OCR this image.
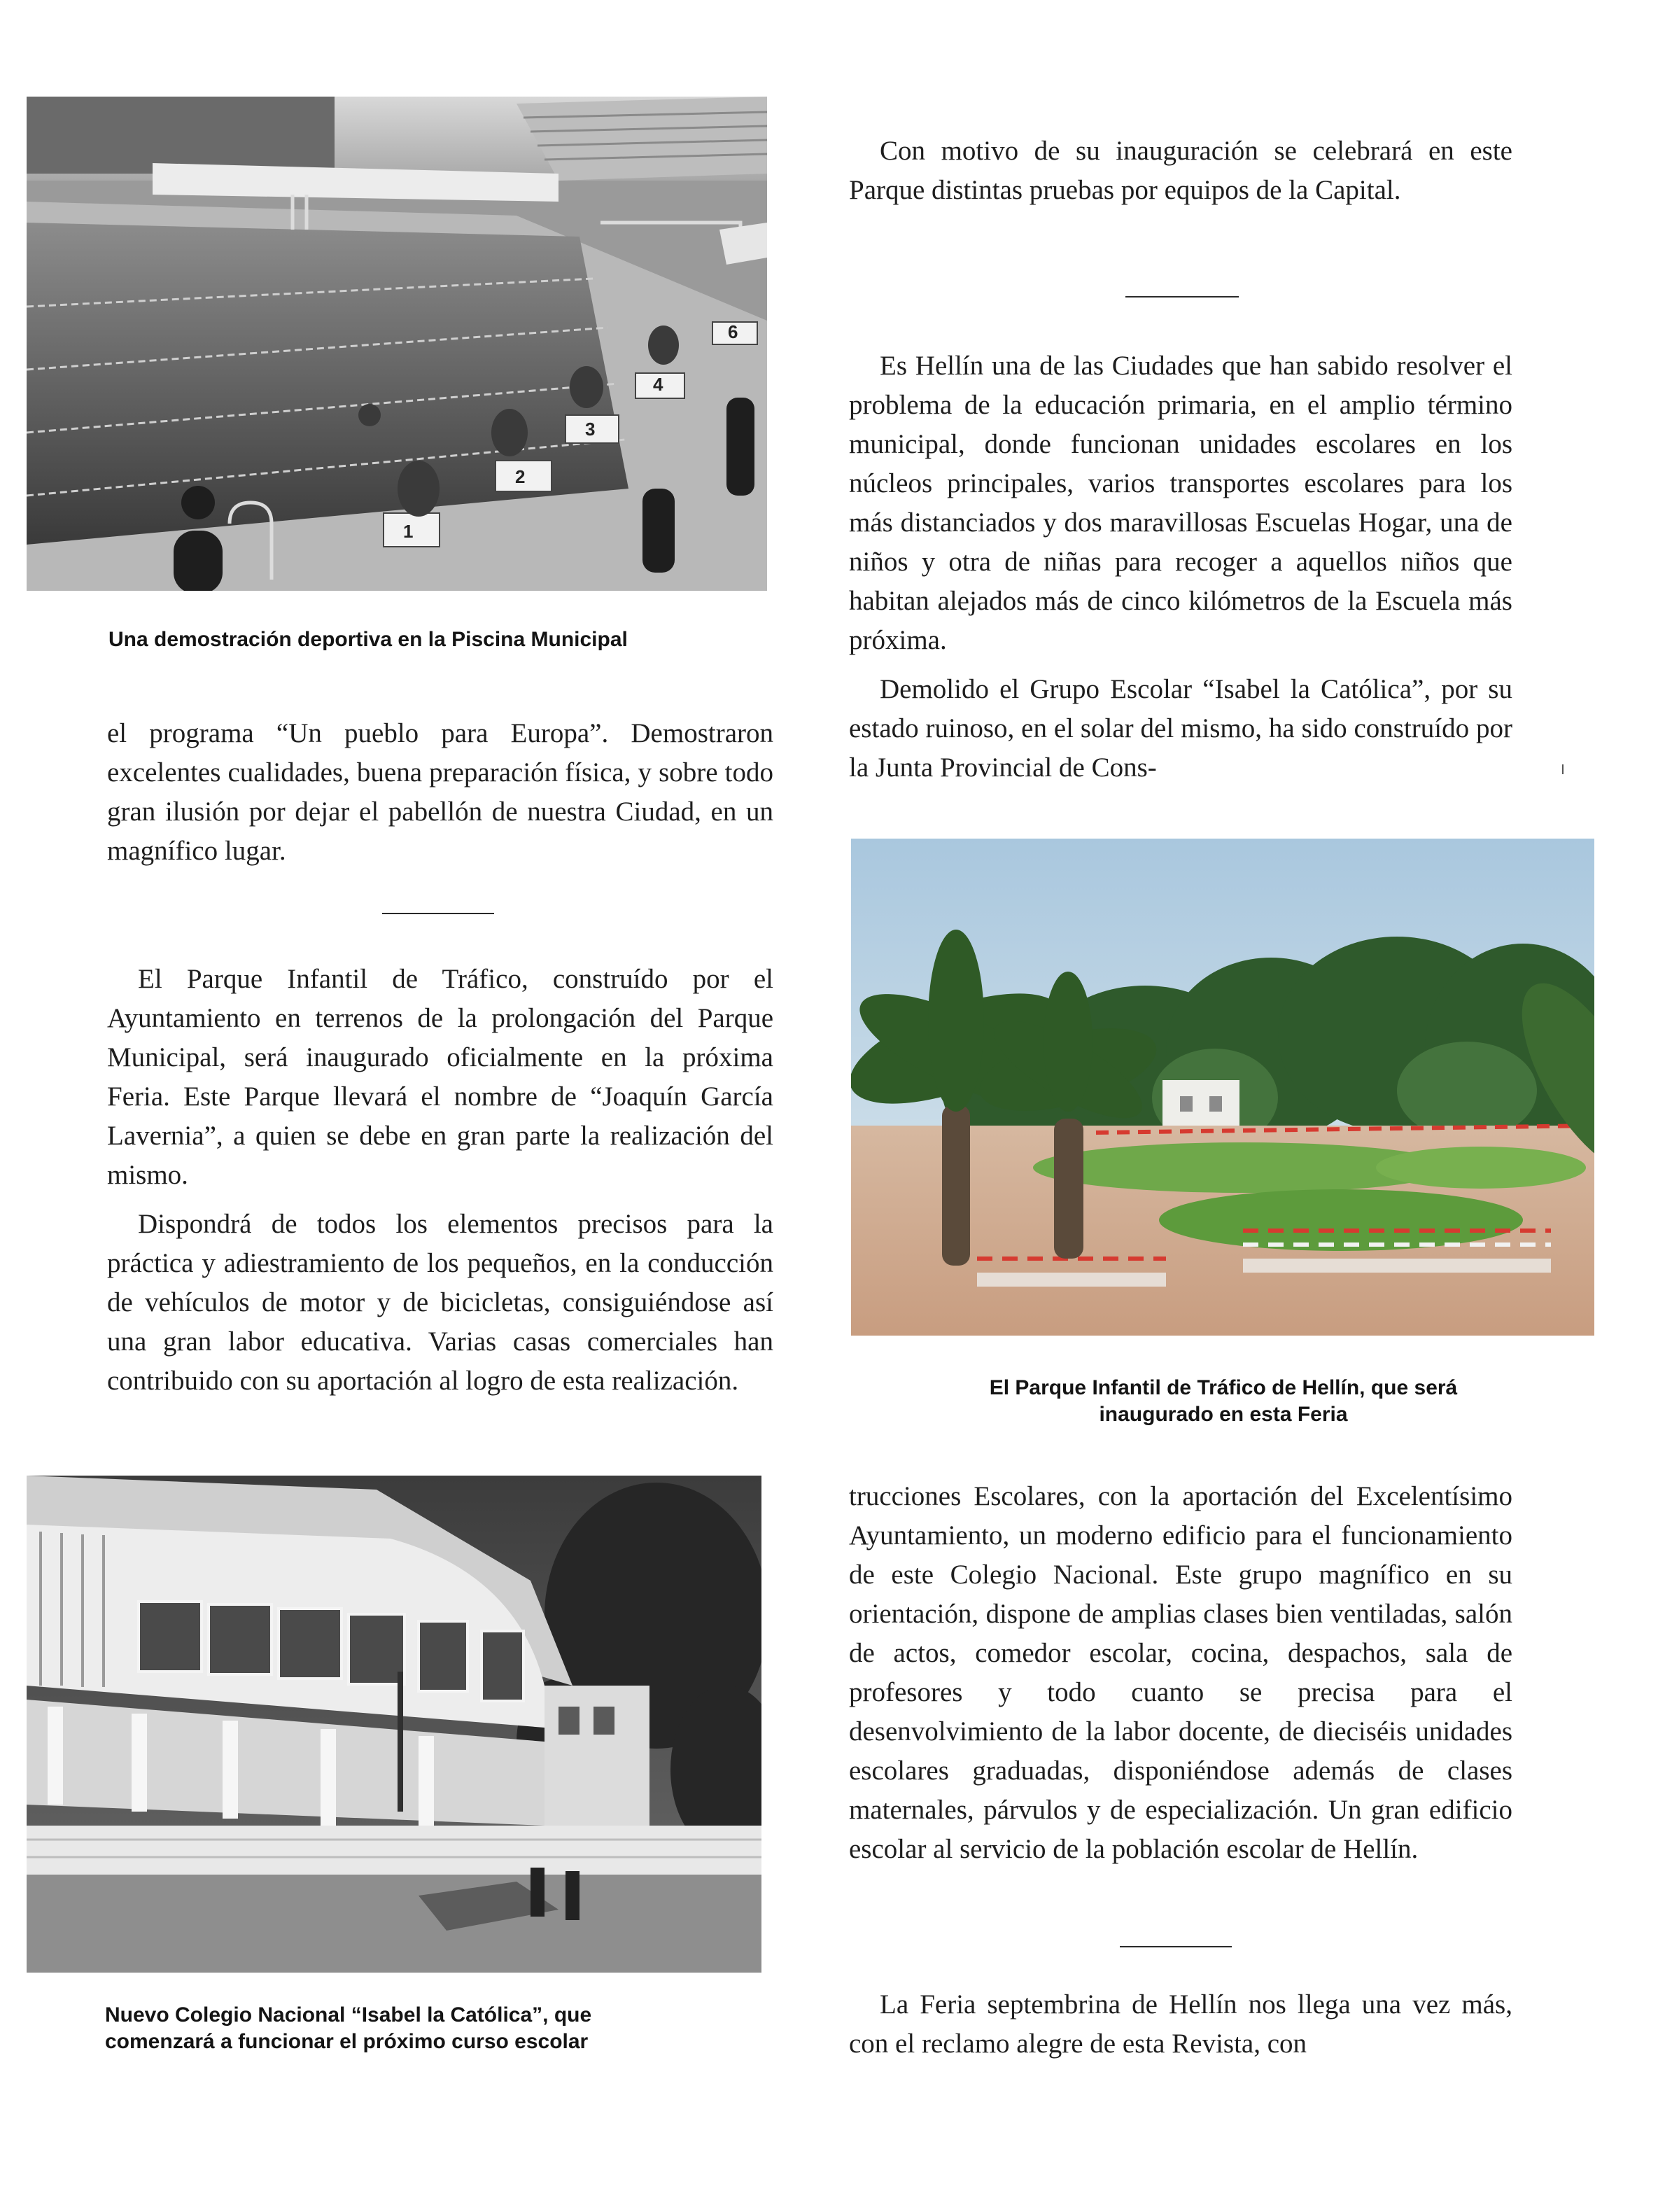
1
2
3
4
6
Una demostración deportiva en la Piscina Municipal

el programa “Un pueblo para Europa”. Demostraron excelentes cualidades, buena preparación física, y sobre todo gran ilusión por dejar el pabellón de nuestra Ciudad, en un magnífico lugar.

El Parque Infantil de Tráfico, construído por el Ayuntamiento en terrenos de la prolongación del Parque Municipal, será inaugurado oficialmente en la próxima Feria. Este Parque llevará el nombre de “Joaquín García Lavernia”, a quien se debe en gran parte la realización del mismo.

Dispondrá de todos los elementos precisos para la práctica y adiestramiento de los pequeños, en la conducción de vehículos de motor y de bicicletas, consiguiéndose así una gran labor educativa. Varias casas comerciales han contribuido con su aportación al logro de esta realización.

Nuevo Colegio Nacional “Isabel la Católica”, que
comenzará a funcionar el próximo curso escolar

Con motivo de su inauguración se celebrará en este Parque distintas pruebas por equipos de la Capital.

Es Hellín una de las Ciudades que han sabido resolver el problema de la educación primaria, en el amplio término municipal, donde funcionan unidades escolares en los núcleos principales, varios transportes escolares para los más distanciados y dos maravillosas Escuelas Hogar, una de niños y otra de niñas para recoger a aquellos niños que habitan alejados más de cinco kilómetros de la Escuela más próxima.

Demolido el Grupo Escolar “Isabel la Católica”, por su estado ruinoso, en el solar del mismo, ha sido construído por la Junta Provincial de Cons-

El Parque Infantil de Tráfico de Hellín, que será
inaugurado en esta Feria

trucciones Escolares, con la aportación del Excelentísimo Ayuntamiento, un moderno edificio para el funcionamiento de este Colegio Nacional. Este grupo magnífico en su orientación, dispone de amplias clases bien ventiladas, salón de actos, comedor escolar, cocina, despachos, sala de profesores y todo cuanto se precisa para el desenvolvimiento de la labor docente, de dieciséis unidades escolares graduadas, disponiéndose además de clases maternales, párvulos y de especialización. Un gran edificio escolar al servicio de la población escolar de Hellín.

La Feria septembrina de Hellín nos llega una vez más, con el reclamo alegre de esta Revista, con
